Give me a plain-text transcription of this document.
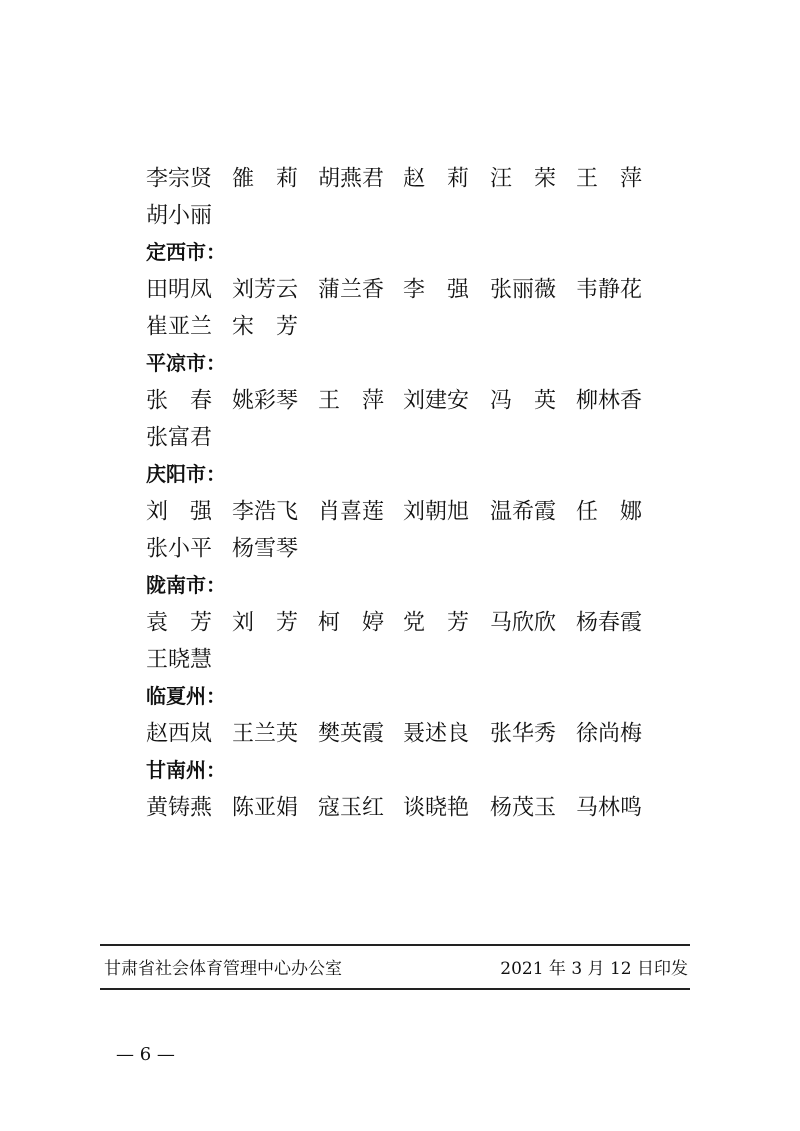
李宗贤 雒　莉 胡燕君 赵　莉 汪　荣 王　萍
胡小丽
定西市：
田明凤 刘芳云 蒲兰香 李　强 张丽薇 韦静花
崔亚兰 宋　芳
平凉市：
张　春 姚彩琴 王　萍 刘建安 冯　英 柳林香
张富君
庆阳市：
刘　强 李浩飞 肖喜莲 刘朝旭 温希霞 任　娜
张小平 杨雪琴
陇南市：
袁　芳 刘　芳 柯　婷 党　芳 马欣欣 杨春霞
王晓慧
临夏州：
赵西岚 王兰英 樊英霞 聂述良 张华秀 徐尚梅
甘南州：
黄铸燕 陈亚娟 寇玉红 谈晓艳 杨茂玉 马林鸣
甘肃省社会体育管理中心办公室	2021 年 3 月 12 日印发
— 6 —
